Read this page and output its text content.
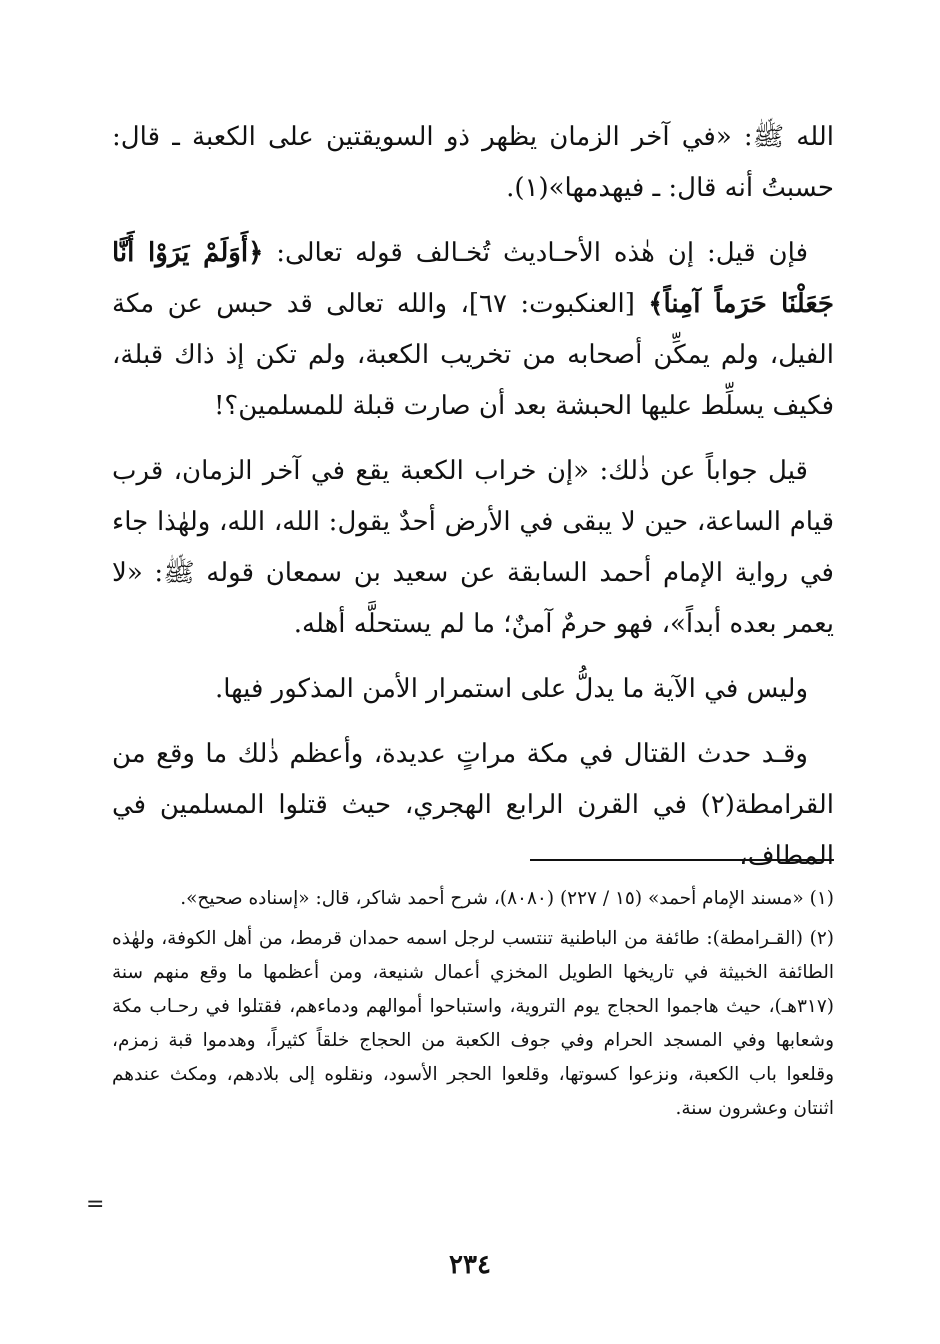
الله ﷺ: «في آخر الزمان يظهر ذو السويقتين على الكعبة ـ قال: حسبتُ أنه قال: ـ فيهدمها»(١).

فإن قيل: إن هٰذه الأحـاديث تُخـالف قوله تعالى: ﴿أَوَلَمْ يَرَوْا أَنَّا جَعَلْنَا حَرَماً آمِناً﴾ [العنكبوت: ٦٧]، والله تعالى قد حبس عن مكة الفيل، ولم يمكِّن أصحابه من تخريب الكعبة، ولم تكن إذ ذاك قبلة، فكيف يسلِّط عليها الحبشة بعد أن صارت قبلة للمسلمين؟!

قيل جواباً عن ذٰلك: «إن خراب الكعبة يقع في آخر الزمان، قرب قيام الساعة، حين لا يبقى في الأرض أحدٌ يقول: الله، الله، ولهٰذا جاء في رواية الإمام أحمد السابقة عن سعيد بن سمعان قوله ﷺ: «لا يعمر بعده أبداً»، فهو حرمٌ آمنٌ؛ ما لم يستحلَّه أهله.

وليس في الآية ما يدلُّ على استمرار الأمن المذكور فيها.

وقـد حدث القتال في مكة مراتٍ عديدة، وأعظم ذٰلك ما وقع من القرامطة(٢) في القرن الرابع الهجري، حيث قتلوا المسلمين في المطاف،

(١) «مسند الإمام أحمد» (١٥ / ٢٢٧) (٨٠٨٠)، شرح أحمد شاكر، قال: «إسناده صحيح».

(٢) (القـرامطة): طائفة من الباطنية تنتسب لرجل اسمه حمدان قرمط، من أهل الكوفة، ولهٰذه الطائفة الخبيثة في تاريخها الطويل المخزي أعمال شنيعة، ومن أعظمها ما وقع منهم سنة (٣١٧هـ)، حيث هاجموا الحجاج يوم التروية، واستباحوا أموالهم ودماءهم، فقتلوا في رحـاب مكة وشعابها وفي المسجد الحرام وفي جوف الكعبة من الحجاج خلقاً كثيراً، وهدموا قبة زمزم، وقلعوا باب الكعبة، ونزعوا كسوتها، وقلعوا الحجر الأسود، ونقلوه إلى بلادهم، ومكث عندهم اثنتان وعشرون سنة.

=
٢٣٤
